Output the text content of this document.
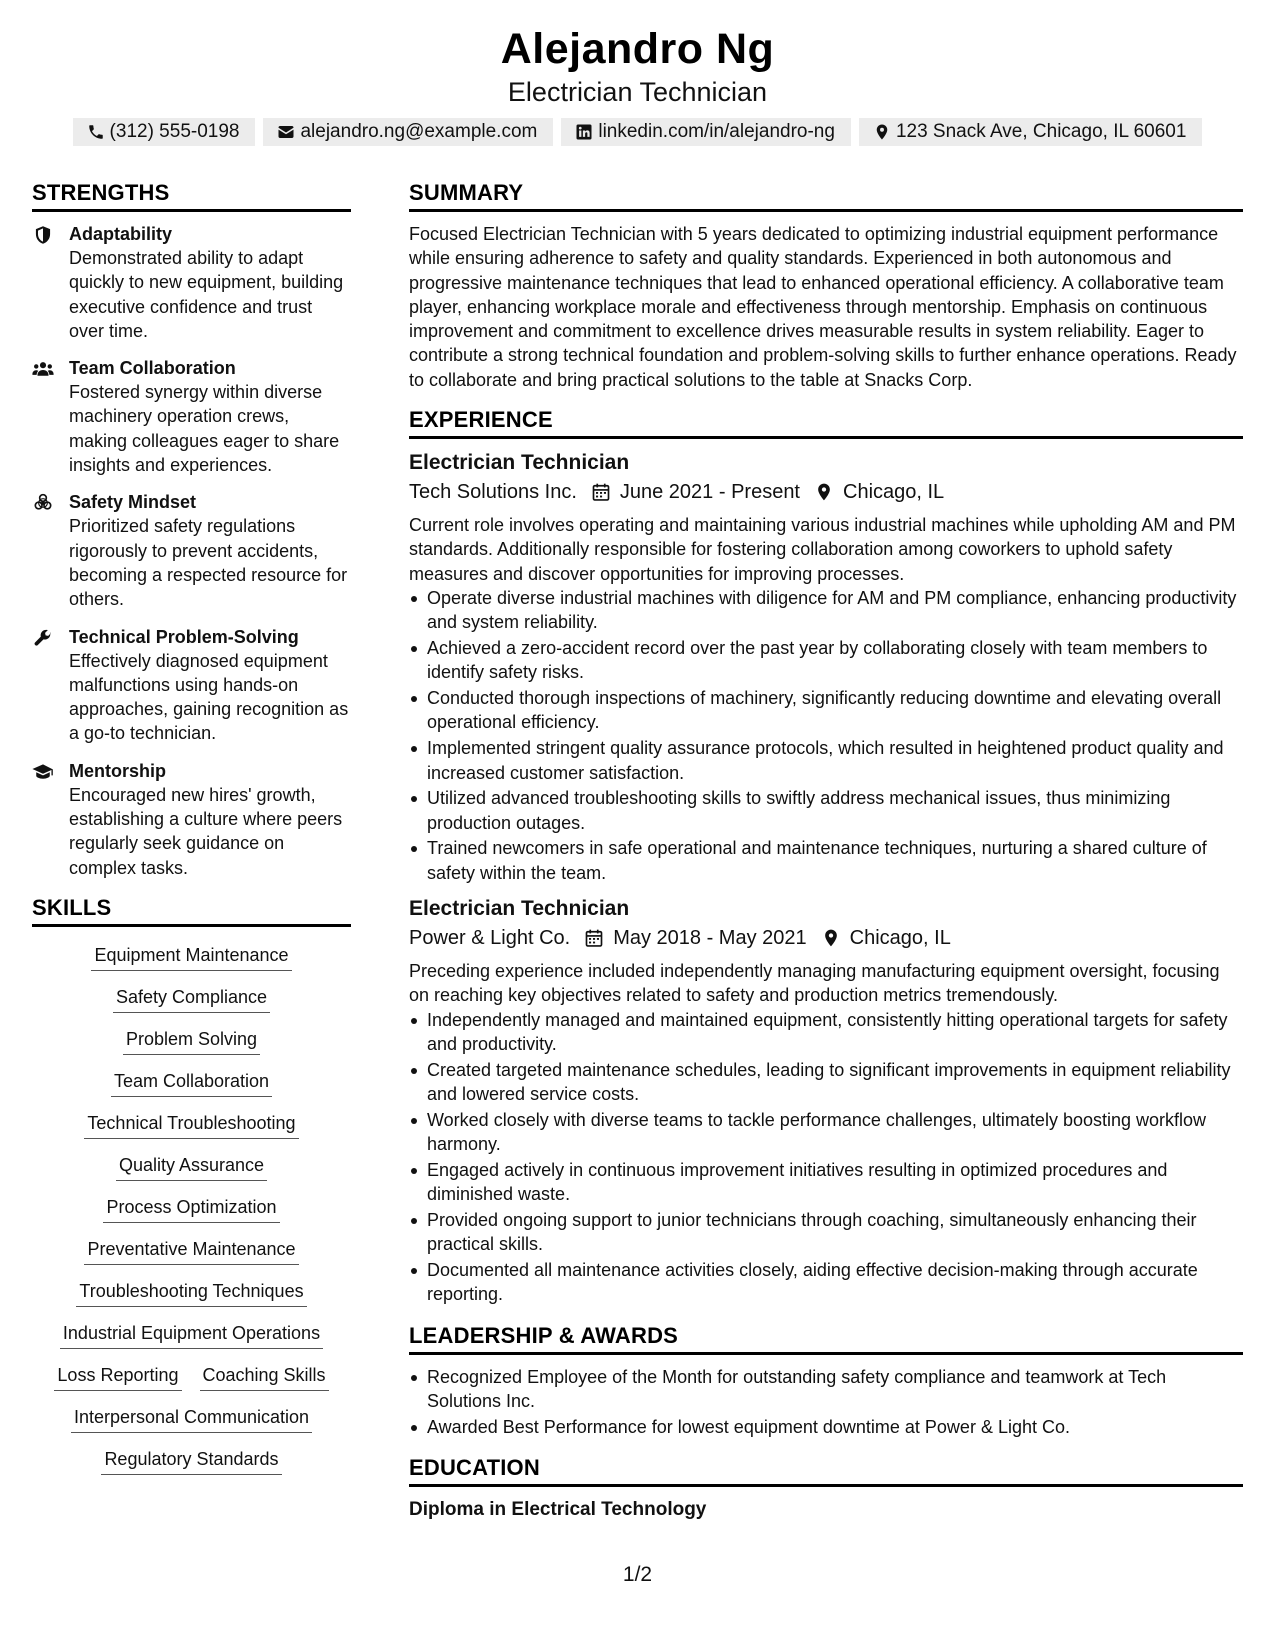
Alejandro Ng
Electrician Technician
(312) 555-0198	alejandro.ng@example.com	linkedin.com/in/alejandro-ng	123 Snack Ave, Chicago, IL 60601
STRENGTHS
Adaptability
Demonstrated ability to adapt quickly to new equipment, building executive confidence and trust over time.
Team Collaboration
Fostered synergy within diverse machinery operation crews, making colleagues eager to share insights and experiences.
Safety Mindset
Prioritized safety regulations rigorously to prevent accidents, becoming a respected resource for others.
Technical Problem-Solving
Effectively diagnosed equipment malfunctions using hands-on approaches, gaining recognition as a go-to technician.
Mentorship
Encouraged new hires' growth, establishing a culture where peers regularly seek guidance on complex tasks.
SKILLS
Equipment Maintenance
Safety Compliance
Problem Solving
Team Collaboration
Technical Troubleshooting
Quality Assurance
Process Optimization
Preventative Maintenance
Troubleshooting Techniques
Industrial Equipment Operations
Loss Reporting Coaching Skills
Interpersonal Communication
Regulatory Standards
SUMMARY

Focused Electrician Technician with 5 years dedicated to optimizing industrial equipment performance while ensuring adherence to safety and quality standards. Experienced in both autonomous and progressive maintenance techniques that lead to enhanced operational efficiency. A collaborative team player, enhancing workplace morale and effectiveness through mentorship. Emphasis on continuous improvement and commitment to excellence drives measurable results in system reliability. Eager to contribute a strong technical foundation and problem-solving skills to further enhance operations. Ready to collaborate and bring practical solutions to the table at Snacks Corp.

EXPERIENCE
Electrician Technician
Tech Solutions Inc. June 2021 - Present Chicago, IL

Current role involves operating and maintaining various industrial machines while upholding AM and PM standards. Additionally responsible for fostering collaboration among coworkers to uphold safety measures and discover opportunities for improving processes.

Operate diverse industrial machines with diligence for AM and PM compliance, enhancing productivity and system reliability.
Achieved a zero-accident record over the past year by collaborating closely with team members to identify safety risks.
Conducted thorough inspections of machinery, significantly reducing downtime and elevating overall operational efficiency.
Implemented stringent quality assurance protocols, which resulted in heightened product quality and increased customer satisfaction.
Utilized advanced troubleshooting skills to swiftly address mechanical issues, thus minimizing production outages.
Trained newcomers in safe operational and maintenance techniques, nurturing a shared culture of safety within the team.
Electrician Technician
Power & Light Co. May 2018 - May 2021 Chicago, IL

Preceding experience included independently managing manufacturing equipment oversight, focusing on reaching key objectives related to safety and production metrics tremendously.

Independently managed and maintained equipment, consistently hitting operational targets for safety and productivity.
Created targeted maintenance schedules, leading to significant improvements in equipment reliability and lowered service costs.
Worked closely with diverse teams to tackle performance challenges, ultimately boosting workflow harmony.
Engaged actively in continuous improvement initiatives resulting in optimized procedures and diminished waste.
Provided ongoing support to junior technicians through coaching, simultaneously enhancing their practical skills.
Documented all maintenance activities closely, aiding effective decision-making through accurate reporting.
LEADERSHIP & AWARDS
Recognized Employee of the Month for outstanding safety compliance and teamwork at Tech Solutions Inc.
Awarded Best Performance for lowest equipment downtime at Power & Light Co.
EDUCATION
Diploma in Electrical Technology
1/2
